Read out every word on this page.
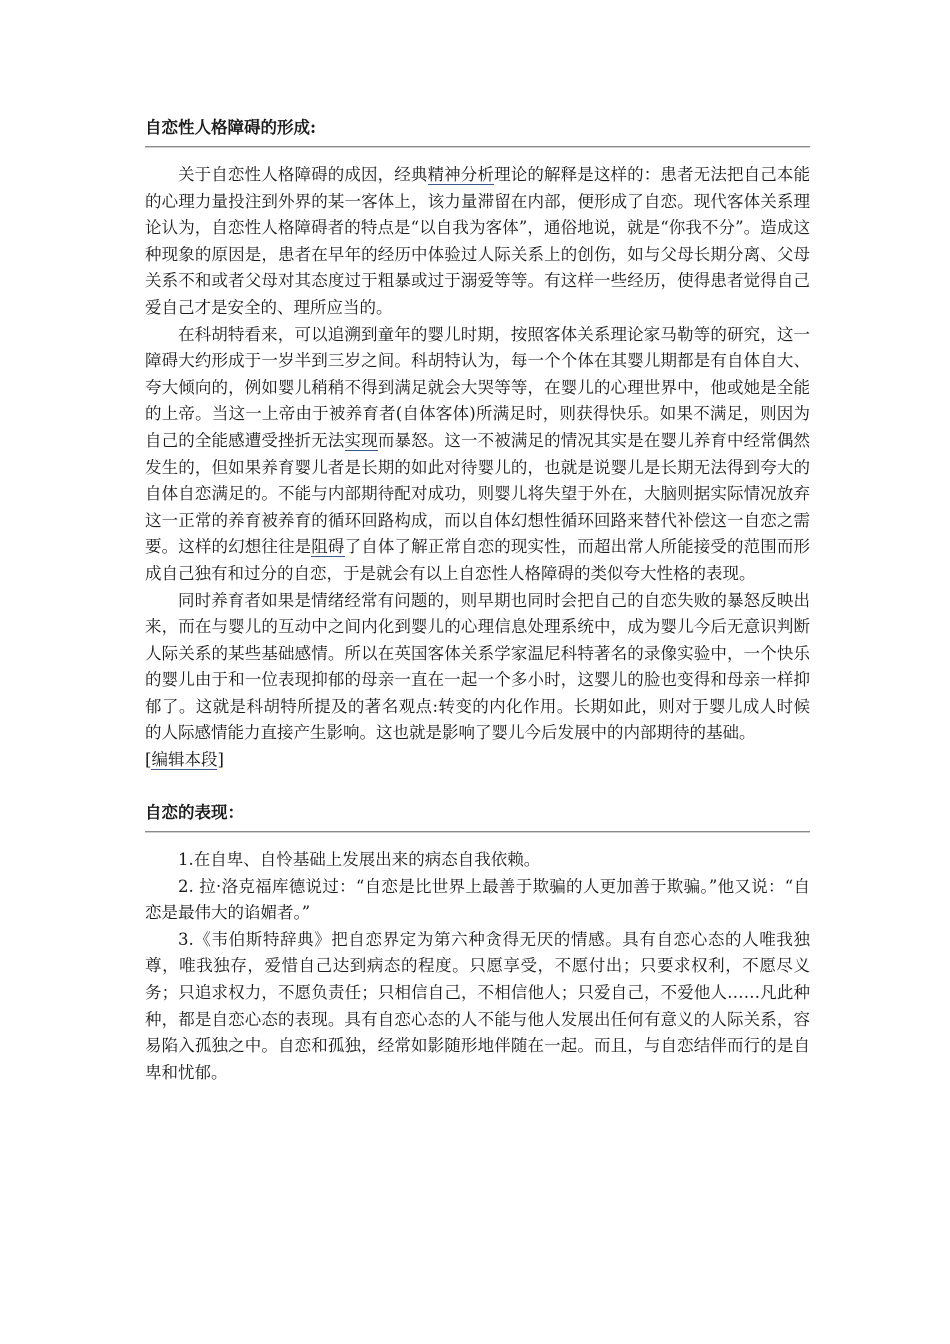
自恋性人格障碍的形成:

关于自恋性人格障碍的成因，经典精神分析理论的解释是这样的：患者无法把自己本能的心理力量投注到外界的某一客体上，该力量滞留在内部，便形成了自恋。现代客体关系理论认为，自恋性人格障碍者的特点是“以自我为客体”，通俗地说，就是“你我不分”。造成这种现象的原因是，患者在早年的经历中体验过人际关系上的创伤，如与父母长期分离、父母关系不和或者父母对其态度过于粗暴或过于溺爱等等。有这样一些经历，使得患者觉得自己爱自己才是安全的、理所应当的。

在科胡特看来，可以追溯到童年的婴儿时期，按照客体关系理论家马勒等的研究，这一障碍大约形成于一岁半到三岁之间。科胡特认为，每一个个体在其婴儿期都是有自体自大、夸大倾向的，例如婴儿稍稍不得到满足就会大哭等等，在婴儿的心理世界中，他或她是全能的上帝。当这一上帝由于被养育者(自体客体)所满足时，则获得快乐。如果不满足，则因为自己的全能感遭受挫折无法实现而暴怒。这一不被满足的情况其实是在婴儿养育中经常偶然发生的，但如果养育婴儿者是长期的如此对待婴儿的，也就是说婴儿是长期无法得到夸大的自体自恋满足的。不能与内部期待配对成功，则婴儿将失望于外在，大脑则据实际情况放弃这一正常的养育被养育的循环回路构成，而以自体幻想性循环回路来替代补偿这一自恋之需要。这样的幻想往往是阻碍了自体了解正常自恋的现实性，而超出常人所能接受的范围而形成自己独有和过分的自恋，于是就会有以上自恋性人格障碍的类似夸大性格的表现。

同时养育者如果是情绪经常有问题的，则早期也同时会把自己的自恋失败的暴怒反映出来，而在与婴儿的互动中之间内化到婴儿的心理信息处理系统中，成为婴儿今后无意识判断人际关系的某些基础感情。所以在英国客体关系学家温尼科特著名的录像实验中，一个快乐的婴儿由于和一位表现抑郁的母亲一直在一起一个多小时，这婴儿的脸也变得和母亲一样抑郁了。这就是科胡特所提及的著名观点:转变的内化作用。长期如此，则对于婴儿成人时候的人际感情能力直接产生影响。这也就是影响了婴儿今后发展中的内部期待的基础。

[编辑本段]

自恋的表现：

1.在自卑、自怜基础上发展出来的病态自我依赖。

2. 拉·洛克福库德说过：“自恋是比世界上最善于欺骗的人更加善于欺骗。”他又说：“自恋是最伟大的谄媚者。”

3.《韦伯斯特辞典》把自恋界定为第六种贪得无厌的情感。具有自恋心态的人唯我独尊，唯我独存，爱惜自己达到病态的程度。只愿享受，不愿付出；只要求权利，不愿尽义务；只追求权力，不愿负责任；只相信自己，不相信他人；只爱自己，不爱他人……凡此种种，都是自恋心态的表现。具有自恋心态的人不能与他人发展出任何有意义的人际关系，容易陷入孤独之中。自恋和孤独，经常如影随形地伴随在一起。而且，与自恋结伴而行的是自卑和忧郁。
